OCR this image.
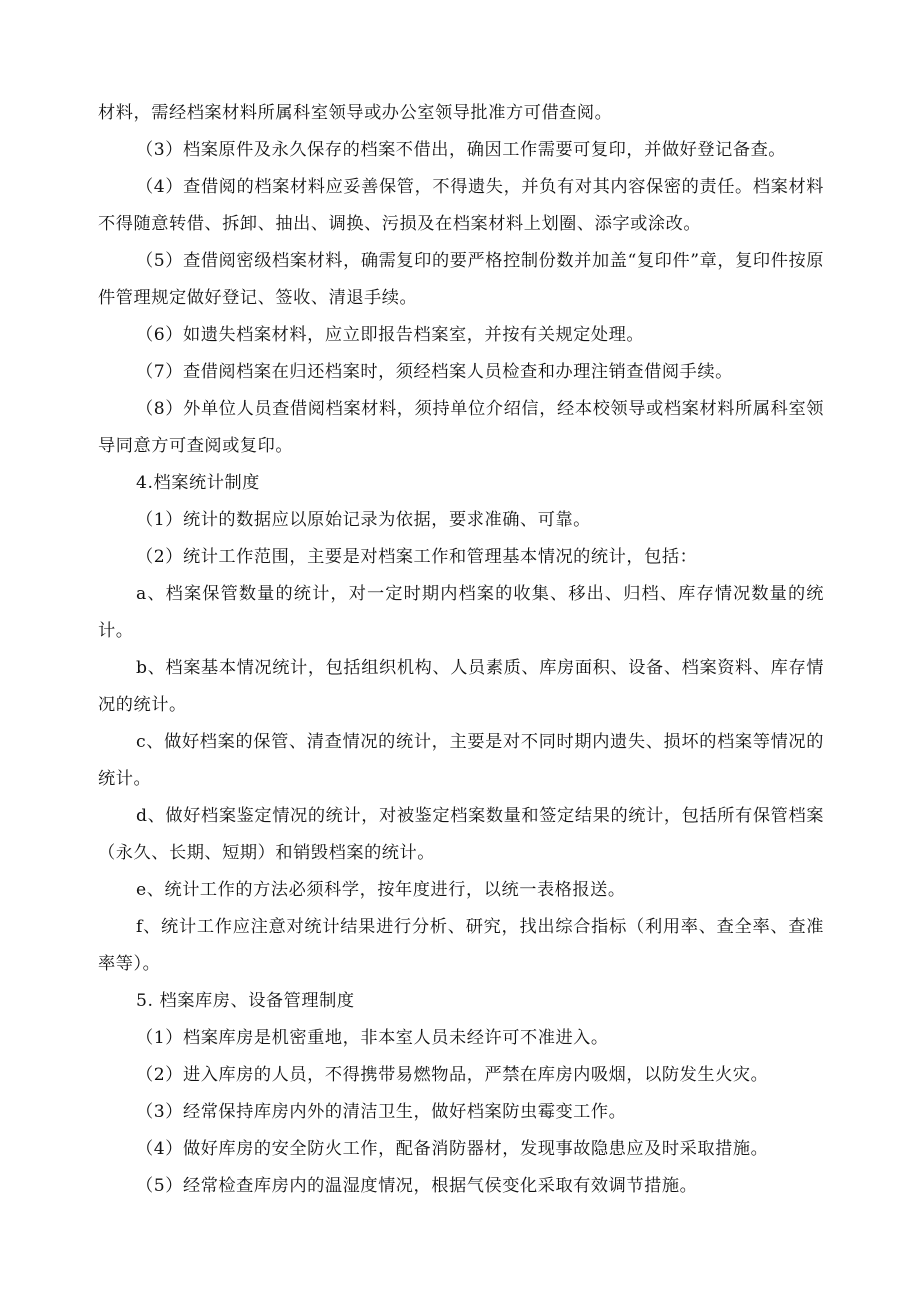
材料，需经档案材料所属科室领导或办公室领导批准方可借查阅。

（3）档案原件及永久保存的档案不借出，确因工作需要可复印，并做好登记备查。

（4）查借阅的档案材料应妥善保管，不得遗失，并负有对其内容保密的责任。档案材料不得随意转借、拆卸、抽出、调换、污损及在档案材料上划圈、添字或涂改。

（5）查借阅密级档案材料，确需复印的要严格控制份数并加盖“复印件”章，复印件按原件管理规定做好登记、签收、清退手续。

（6）如遗失档案材料，应立即报告档案室，并按有关规定处理。

（7）查借阅档案在归还档案时，须经档案人员检查和办理注销查借阅手续。

（8）外单位人员查借阅档案材料，须持单位介绍信，经本校领导或档案材料所属科室领导同意方可查阅或复印。

4.档案统计制度

（1）统计的数据应以原始记录为依据，要求准确、可靠。

（2）统计工作范围，主要是对档案工作和管理基本情况的统计，包括：

a、档案保管数量的统计，对一定时期内档案的收集、移出、归档、库存情况数量的统计。

b、档案基本情况统计，包括组织机构、人员素质、库房面积、设备、档案资料、库存情况的统计。

c、做好档案的保管、清查情况的统计，主要是对不同时期内遗失、损坏的档案等情况的统计。

d、做好档案鉴定情况的统计，对被鉴定档案数量和签定结果的统计，包括所有保管档案（永久、长期、短期）和销毁档案的统计。

e、统计工作的方法必须科学，按年度进行，以统一表格报送。

f、统计工作应注意对统计结果进行分析、研究，找出综合指标（利用率、查全率、查准率等）。

5. 档案库房、设备管理制度

（1）档案库房是机密重地，非本室人员未经许可不准进入。

（2）进入库房的人员，不得携带易燃物品，严禁在库房内吸烟，以防发生火灾。

（3）经常保持库房内外的清洁卫生，做好档案防虫霉变工作。

（4）做好库房的安全防火工作，配备消防器材，发现事故隐患应及时采取措施。

（5）经常检查库房内的温湿度情况，根据气侯变化采取有效调节措施。
